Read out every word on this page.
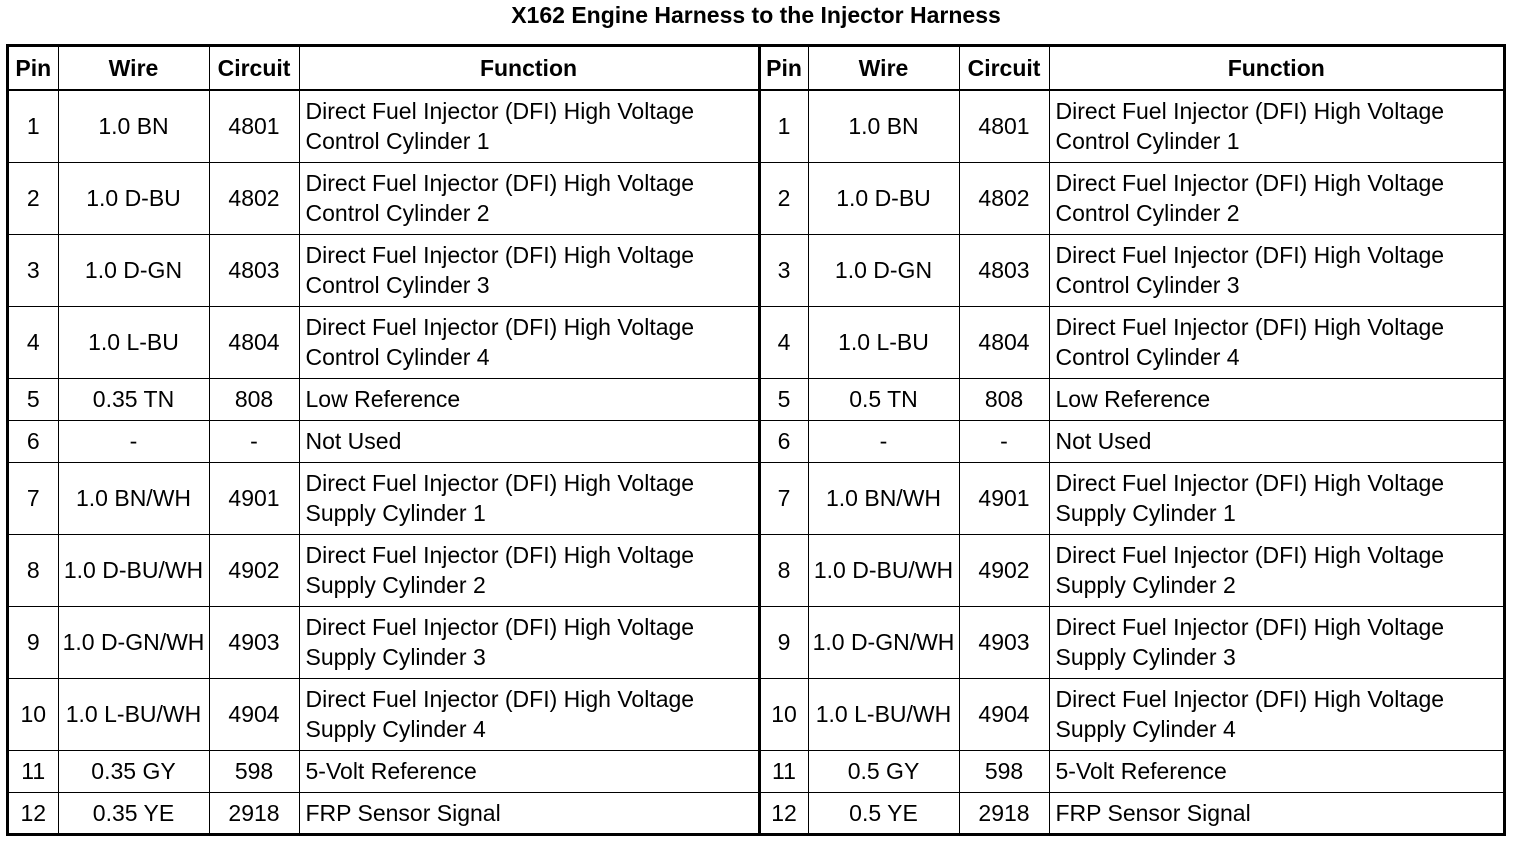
X162 Engine Harness to the Injector Harness
Pin	Wire	Circuit	Function	Pin	Wire	Circuit	Function
1	1.0 BN	4801	Direct Fuel Injector (DFI) High Voltage Control Cylinder 1	1	1.0 BN	4801	Direct Fuel Injector (DFI) High Voltage Control Cylinder 1
2	1.0 D-BU	4802	Direct Fuel Injector (DFI) High Voltage Control Cylinder 2	2	1.0 D-BU	4802	Direct Fuel Injector (DFI) High Voltage Control Cylinder 2
3	1.0 D-GN	4803	Direct Fuel Injector (DFI) High Voltage Control Cylinder 3	3	1.0 D-GN	4803	Direct Fuel Injector (DFI) High Voltage Control Cylinder 3
4	1.0 L-BU	4804	Direct Fuel Injector (DFI) High Voltage Control Cylinder 4	4	1.0 L-BU	4804	Direct Fuel Injector (DFI) High Voltage Control Cylinder 4
5	0.35 TN	808	Low Reference	5	0.5 TN	808	Low Reference
6	-	-	Not Used	6	-	-	Not Used
7	1.0 BN/WH	4901	Direct Fuel Injector (DFI) High Voltage Supply Cylinder 1	7	1.0 BN/WH	4901	Direct Fuel Injector (DFI) High Voltage Supply Cylinder 1
8	1.0 D-BU/WH	4902	Direct Fuel Injector (DFI) High Voltage Supply Cylinder 2	8	1.0 D-BU/WH	4902	Direct Fuel Injector (DFI) High Voltage Supply Cylinder 2
9	1.0 D-GN/WH	4903	Direct Fuel Injector (DFI) High Voltage Supply Cylinder 3	9	1.0 D-GN/WH	4903	Direct Fuel Injector (DFI) High Voltage Supply Cylinder 3
10	1.0 L-BU/WH	4904	Direct Fuel Injector (DFI) High Voltage Supply Cylinder 4	10	1.0 L-BU/WH	4904	Direct Fuel Injector (DFI) High Voltage Supply Cylinder 4
11	0.35 GY	598	5-Volt Reference	11	0.5 GY	598	5-Volt Reference
12	0.35 YE	2918	FRP Sensor Signal	12	0.5 YE	2918	FRP Sensor Signal
